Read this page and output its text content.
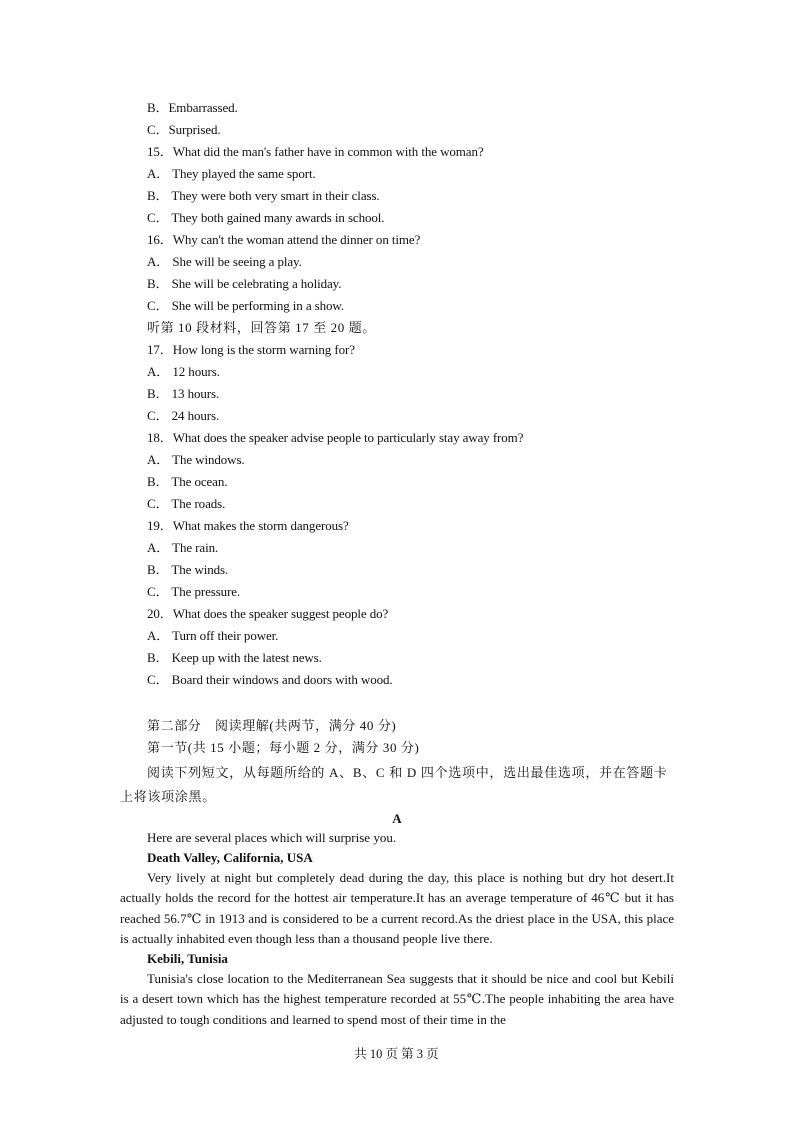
B．Embarrassed.
C．Surprised.
15．What did the man's father have in common with the woman?
A． They played the same sport.
B． They were both very smart in their class.
C． They both gained many awards in school.
16．Why can't the woman attend the dinner on time?
A． She will be seeing a play.
B． She will be celebrating a holiday.
C． She will be performing in a show.
听第 10 段材料，回答第 17 至 20 题。
17．How long is the storm warning for?
A． 12 hours.
B． 13 hours.
C． 24 hours.
18．What does the speaker advise people to particularly stay away from?
A． The windows.
B． The ocean.
C． The roads.
19．What makes the storm dangerous?
A． The rain.
B． The winds.
C． The pressure.
20．What does the speaker suggest people do?
A． Turn off their power.
B． Keep up with the latest news.
C． Board their windows and doors with wood.
第二部分　阅读理解(共两节，满分 40 分)
第一节(共 15 小题；每小题 2 分，满分 30 分)
阅读下列短文，从每题所给的 A、B、C 和 D 四个选项中，选出最佳选项，并在答题卡上将该项涂黑。
A
Here are several places which will surprise you.
Death Valley, California, USA
Very lively at night but completely dead during the day, this place is nothing but dry hot desert.It actually holds the record for the hottest air temperature.It has an average temperature of 46℃ but it has reached 56.7℃ in 1913 and is considered to be a current record.As the driest place in the USA, this place is actually inhabited even though less than a thousand people live there.
Kebili, Tunisia
Tunisia's close location to the Mediterranean Sea suggests that it should be nice and cool but Kebili is a desert town which has the highest temperature recorded at 55℃.The people inhabiting the area have adjusted to tough conditions and learned to spend most of their time in the
共 10 页 第 3 页
